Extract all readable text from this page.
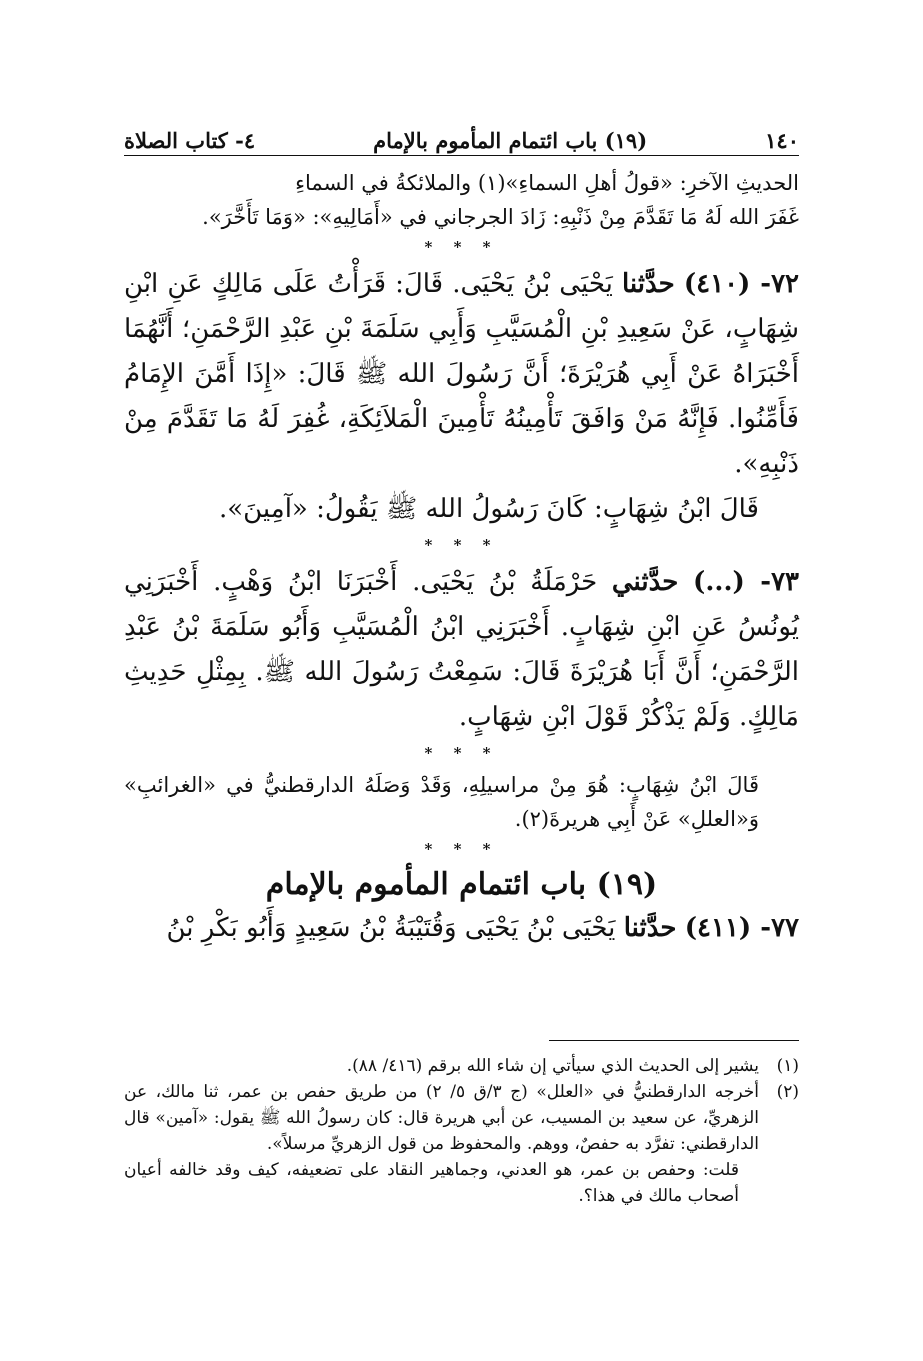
١٤٠
(١٩) باب ائتمام المأموم بالإمام
٤- كتاب الصلاة

الحديثِ الآخرِ: «قولُ أهلِ السماءِ»(١) والملائكةُ في السماءِ

غَفَرَ الله لَهُ مَا تَقَدَّمَ مِنْ ذَنْبِهِ: زَادَ الجرجاني في «أَمَالِيهِ»: «وَمَا تَأَخَّرَ».

* * *

٧٢- (٤١٠) حدَّثنا يَحْيَى بْنُ يَحْيَى. قَالَ: قَرَأْتُ عَلَى مَالِكٍ عَنِ ابْنِ شِهَابٍ، عَنْ سَعِيدِ بْنِ الْمُسَيَّبِ وَأَبِي سَلَمَةَ بْنِ عَبْدِ الرَّحْمَنِ؛ أَنَّهُمَا أَخْبَرَاهُ عَنْ أَبِي هُرَيْرَةَ؛ أَنَّ رَسُولَ الله ﷺ قَالَ: «إِذَا أَمَّنَ الإِمَامُ فَأَمِّنُوا. فَإِنَّهُ مَنْ وَافَقَ تَأْمِينُهُ تَأْمِينَ الْمَلاَئِكَةِ، غُفِرَ لَهُ مَا تَقَدَّمَ مِنْ ذَنْبِهِ».

قَالَ ابْنُ شِهَابٍ: كَانَ رَسُولُ الله ﷺ يَقُولُ: «آمِينَ».

* * *

٧٣- (...) حدَّثني حَرْمَلَةُ بْنُ يَحْيَى. أَخْبَرَنَا ابْنُ وَهْبٍ. أَخْبَرَنِي يُونُسُ عَنِ ابْنِ شِهَابٍ. أَخْبَرَنِي ابْنُ الْمُسَيَّبِ وَأَبُو سَلَمَةَ بْنُ عَبْدِ الرَّحْمَنِ؛ أَنَّ أَبَا هُرَيْرَةَ قَالَ: سَمِعْتُ رَسُولَ الله ﷺ. بِمِثْلِ حَدِيثِ مَالِكٍ. وَلَمْ يَذْكُرْ قَوْلَ ابْنِ شِهَابٍ.

* * *

قَالَ ابْنُ شِهَابٍ: هُوَ مِنْ مراسيلِهِ، وَقَدْ وَصَلَهُ الدارقطنيُّ في «الغرائبِ» وَ«العللِ» عَنْ أَبِي هريرةَ(٢).

* * *
(١٩) باب ائتمام المأموم بالإمام

٧٧- (٤١١) حدَّثنا يَحْيَى بْنُ يَحْيَى وَقُتَيْبَةُ بْنُ سَعِيدٍ وَأَبُو بَكْرِ بْنُ

(١)
يشير إلى الحديث الذي سيأتي إن شاء الله برقم (٤١٦/ ٨٨).
(٢)
أخرجه الدارقطنيُّ في «العلل» (ج ٣/ق ٥/ ٢) من طريق حفص بن عمر، ثنا مالك، عن الزهريِّ، عن سعيد بن المسيب، عن أبي هريرة قال: كان رسولُ الله ﷺ يقول: «آمين» قال الدارقطني: تفرَّد به حفصٌ، ووهم. والمحفوظ من قول الزهريِّ مرسلاً».

قلت: وحفص بن عمر، هو العدني، وجماهير النقاد على تضعيفه، كيف وقد خالفه أعيان أصحاب مالك في هذا؟.
